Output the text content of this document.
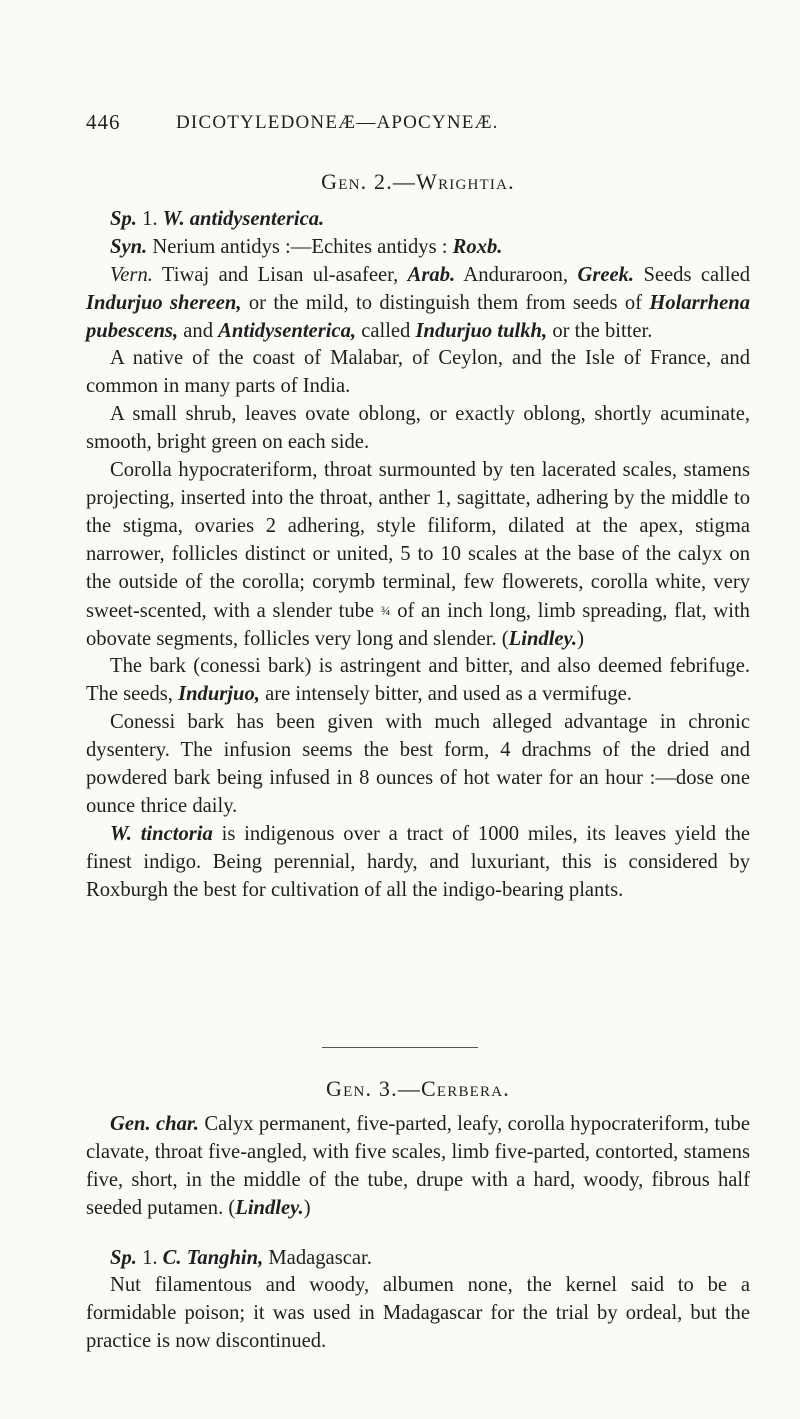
446	DICOTYLEDONEÆ—APOCYNEÆ.
Gen. 2.—Wrightia.

Sp. 1. W. antidysenterica.

Syn. Nerium antidys :—Echites antidys : Roxb.

Vern. Tiwaj and Lisan ul-asafeer, Arab. Anduraroon, Greek. Seeds called Indurjuo shereen, or the mild, to distinguish them from seeds of Holarrhena pubescens, and Antidysenterica, called Indurjuo tulkh, or the bitter.

A native of the coast of Malabar, of Ceylon, and the Isle of France, and common in many parts of India.

A small shrub, leaves ovate oblong, or exactly oblong, shortly acuminate, smooth, bright green on each side.

Corolla hypocrateriform, throat surmounted by ten lacerated scales, stamens projecting, inserted into the throat, anther 1, sagittate, adhering by the middle to the stigma, ovaries 2 adhering, style filiform, dilated at the apex, stigma narrower, follicles distinct or united, 5 to 10 scales at the base of the calyx on the outside of the corolla; corymb terminal, few flowerets, corolla white, very sweet-scented, with a slender tube ¾ of an inch long, limb spreading, flat, with obovate segments, follicles very long and slender. (Lindley.)

The bark (conessi bark) is astringent and bitter, and also deemed febrifuge. The seeds, Indurjuo, are intensely bitter, and used as a vermifuge.

Conessi bark has been given with much alleged advantage in chronic dysentery. The infusion seems the best form, 4 drachms of the dried and powdered bark being infused in 8 ounces of hot water for an hour :—dose one ounce thrice daily.

W. tinctoria is indigenous over a tract of 1000 miles, its leaves yield the finest indigo. Being perennial, hardy, and luxuriant, this is considered by Roxburgh the best for cultivation of all the indigo-bearing plants.

Gen. 3.—Cerbera.

Gen. char. Calyx permanent, five-parted, leafy, corolla hypocrateriform, tube clavate, throat five-angled, with five scales, limb five-parted, contorted, stamens five, short, in the middle of the tube, drupe with a hard, woody, fibrous half seeded putamen. (Lindley.)

Sp. 1. C. Tanghin, Madagascar.

Nut filamentous and woody, albumen none, the kernel said to be a formidable poison; it was used in Madagascar for the trial by ordeal, but the practice is now discontinued.
